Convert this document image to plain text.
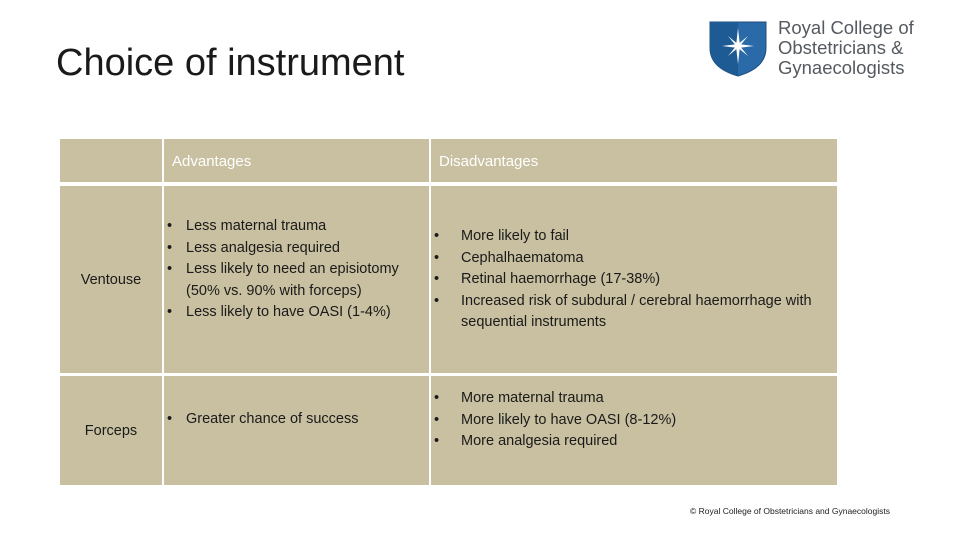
Choice of instrument
Royal College of
Obstetricians &
Gynaecologists
Advantages	Disadvantages
Ventouse
• Less maternal trauma
• Less analgesia required
• Less likely to need an episiotomy (50% vs. 90% with forceps)
• Less likely to have OASI (1-4%)
• More likely to fail
• Cephalhaematoma
• Retinal haemorrhage (17-38%)
• Increased risk of subdural / cerebral haemorrhage with sequential instruments
Forceps
• Greater chance of success
• More maternal trauma
• More likely to have OASI (8-12%)
• More analgesia required
© Royal College of Obstetricians and Gynaecologists
